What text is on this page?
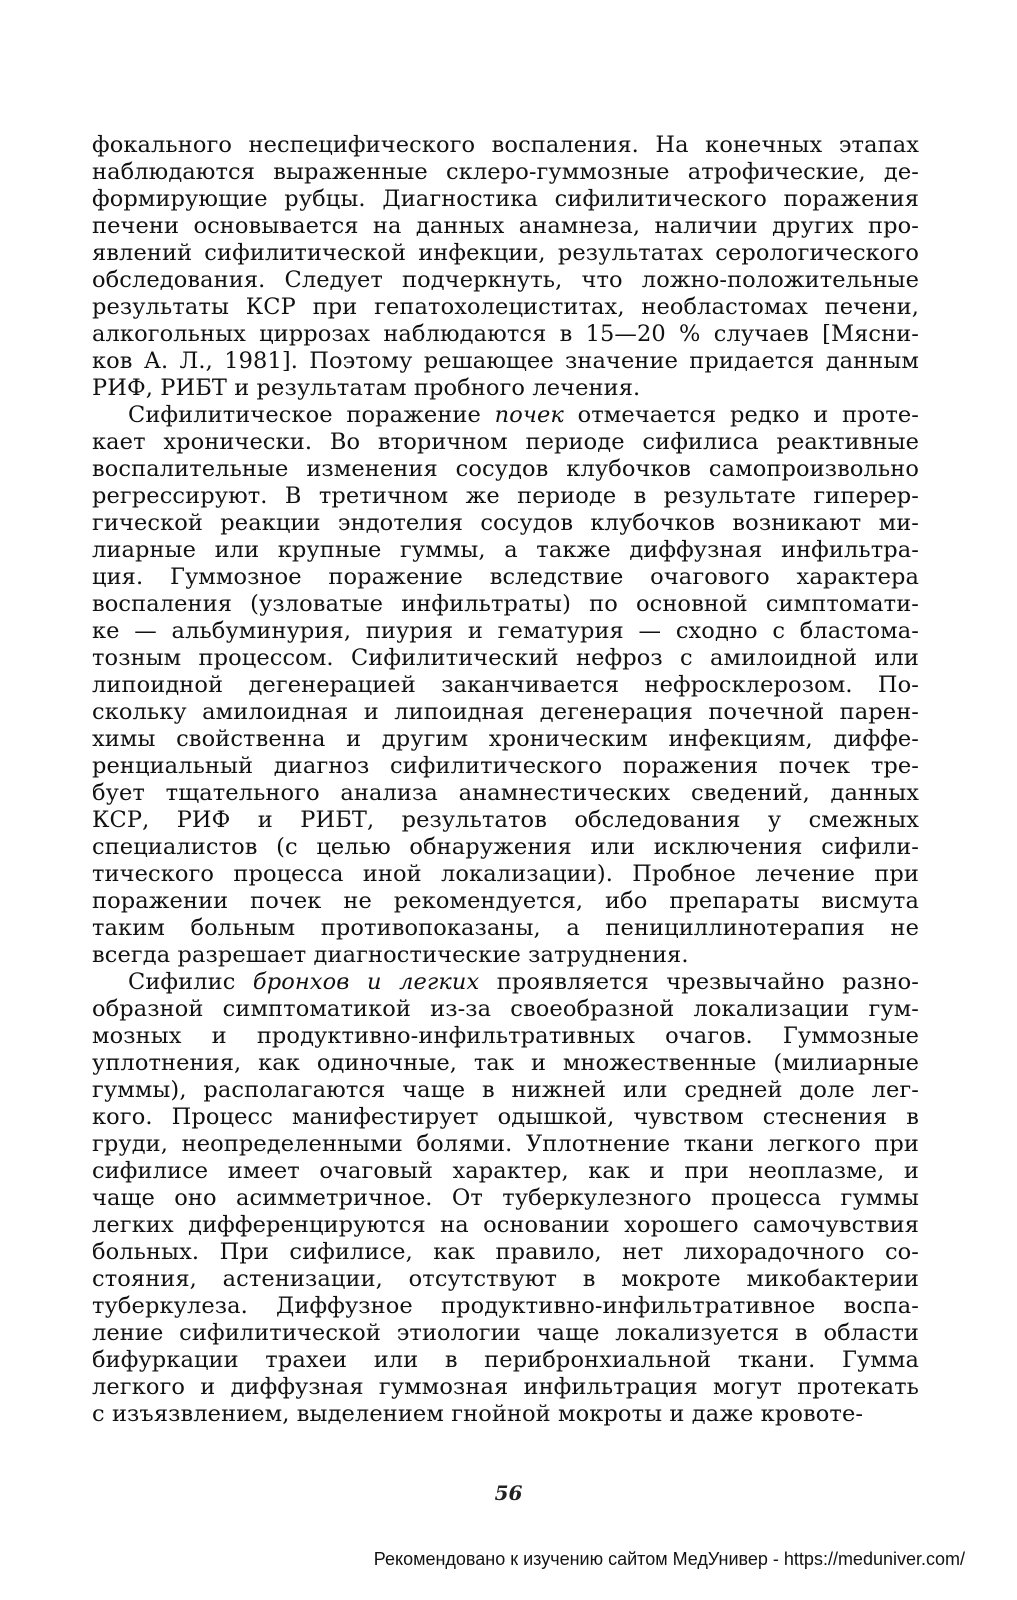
фокального неспецифического воспаления. На конечных этапах
наблюдаются выраженные склеро-гуммозные атрофические, де-
формирующие рубцы. Диагностика сифилитического поражения
печени основывается на данных анамнеза, наличии других про-
явлений сифилитической инфекции, результатах серологического
обследования. Следует подчеркнуть, что ложно-положительные
результаты КСР при гепатохолециститах, необластомах печени,
алкогольных циррозах наблюдаются в 15—20 % случаев [Мясни-
ков А. Л., 1981]. Поэтому решающее значение придается данным
РИФ, РИБТ и результатам пробного лечения.
Сифилитическое поражение почек отмечается редко и проте-
кает хронически. Во вторичном периоде сифилиса реактивные
воспалительные изменения сосудов клубочков самопроизвольно
регрессируют. В третичном же периоде в результате гиперер-
гической реакции эндотелия сосудов клубочков возникают ми-
лиарные или крупные гуммы, а также диффузная инфильтра-
ция. Гуммозное поражение вследствие очагового характера
воспаления (узловатые инфильтраты) по основной симптомати-
ке — альбуминурия, пиурия и гематурия — сходно с бластома-
тозным процессом. Сифилитический нефроз с амилоидной или
липоидной дегенерацией заканчивается нефросклерозом. По-
скольку амилоидная и липоидная дегенерация почечной парен-
химы свойственна и другим хроническим инфекциям, диффе-
ренциальный диагноз сифилитического поражения почек тре-
бует тщательного анализа анамнестических сведений, данных
КСР, РИФ и РИБТ, результатов обследования у смежных
специалистов (с целью обнаружения или исключения сифили-
тического процесса иной локализации). Пробное лечение при
поражении почек не рекомендуется, ибо препараты висмута
таким больным противопоказаны, а пенициллинотерапия не
всегда разрешает диагностические затруднения.
Сифилис бронхов и легких проявляется чрезвычайно разно-
образной симптоматикой из-за своеобразной локализации гум-
мозных и продуктивно-инфильтративных очагов. Гуммозные
уплотнения, как одиночные, так и множественные (милиарные
гуммы), располагаются чаще в нижней или средней доле лег-
кого. Процесс манифестирует одышкой, чувством стеснения в
груди, неопределенными болями. Уплотнение ткани легкого при
сифилисе имеет очаговый характер, как и при неоплазме, и
чаще оно асимметричное. От туберкулезного процесса гуммы
легких дифференцируются на основании хорошего самочувствия
больных. При сифилисе, как правило, нет лихорадочного со-
стояния, астенизации, отсутствуют в мокроте микобактерии
туберкулеза. Диффузное продуктивно-инфильтративное воспа-
ление сифилитической этиологии чаще локализуется в области
бифуркации трахеи или в перибронхиальной ткани. Гумма
легкого и диффузная гуммозная инфильтрация могут протекать
с изъязвлением, выделением гнойной мокроты и даже кровоте-
56
Рекомендовано к изучению сайтом МедУнивер - https://meduniver.com/
